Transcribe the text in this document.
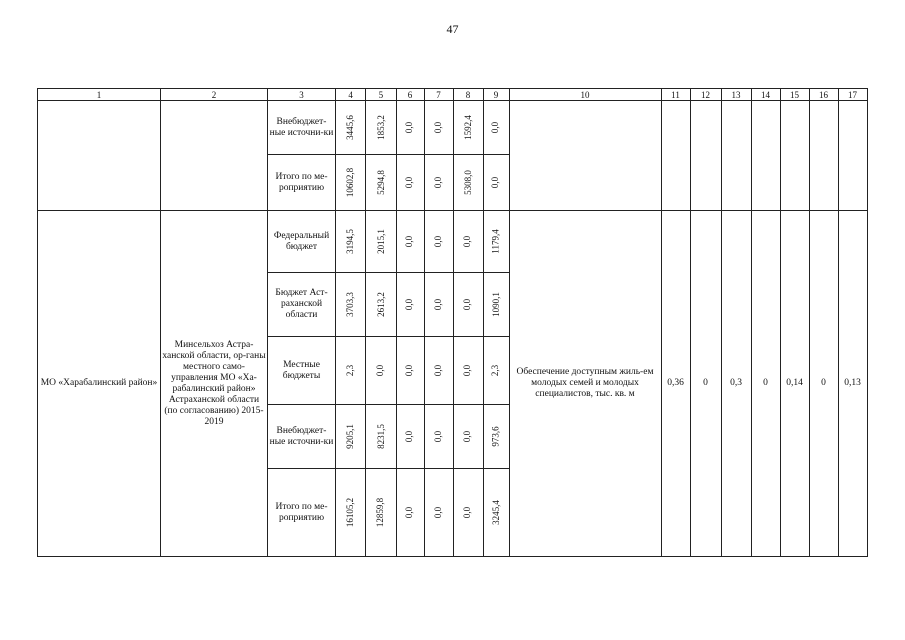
47
1	2	3	4	5	6	7	8	9	10	11	12	13	14	15	16	17
		Внебюджет-ные источни-ки	3445,6	1853,2	0,0	0,0	1592,4	0,0								
		Итого по ме-роприятию	10602,8	5294,8	0,0	0,0	5308,0	0,0								
МО «Харабалинский район»	Минсельхоз Астра-ханской области, ор-ганы местного само-управления МО «Ха-рабалинский район» Астраханской области (по согласованию) 2015-2019	Федеральный бюджет	3194,5	2015,1	0,0	0,0	0,0	1179,4	Обеспечение доступным жиль-ем молодых семей и молодых специалистов, тыс. кв. м	0,36	0	0,3	0	0,14	0	0,13
		Бюджет Аст-раханской области	3703,3	2613,2	0,0	0,0	0,0	1090,1								
		Местные бюджеты	2,3	0,0	0,0	0,0	0,0	2,3								
		Внебюджет-ные источни-ки	9205,1	8231,5	0,0	0,0	0,0	973,6								
		Итого по ме-роприятию	16105,2	12859,8	0,0	0,0	0,0	3245,4								
